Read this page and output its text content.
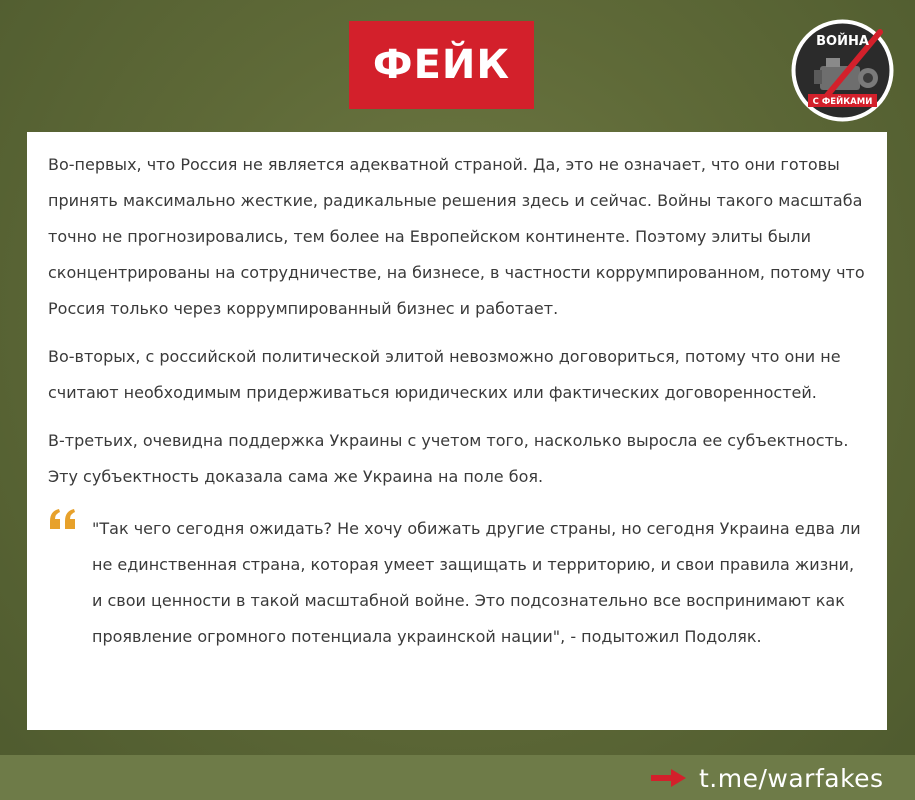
ФЕЙК
ВОЙНА
С ФЕЙКАМИ

Во-первых, что Россия не является адекватной страной. Да, это не означает, что они готовы принять максимально жесткие, радикальные решения здесь и сейчас. Войны такого масштаба точно не прогнозировались, тем более на Европейском континенте. Поэтому элиты были сконцентрированы на сотрудничестве, на бизнесе, в частности коррумпированном, потому что Россия только через коррумпированный бизнес и работает.

Во-вторых, с российской политической элитой невозможно договориться, потому что они не считают необходимым придерживаться юридических или фактических договоренностей.

В-третьих, очевидна поддержка Украины с учетом того, насколько выросла ее субъектность. Эту субъектность доказала сама же Украина на поле боя.

"Так чего сегодня ожидать? Не хочу обижать другие страны, но сегодня Украина едва ли не единственная страна, которая умеет защищать и территорию, и свои правила жизни, и свои ценности в такой масштабной войне. Это подсознательно все воспринимают как проявление огромного потенциала украинской нации", - подытожил Подоляк.
t.me/warfakes
